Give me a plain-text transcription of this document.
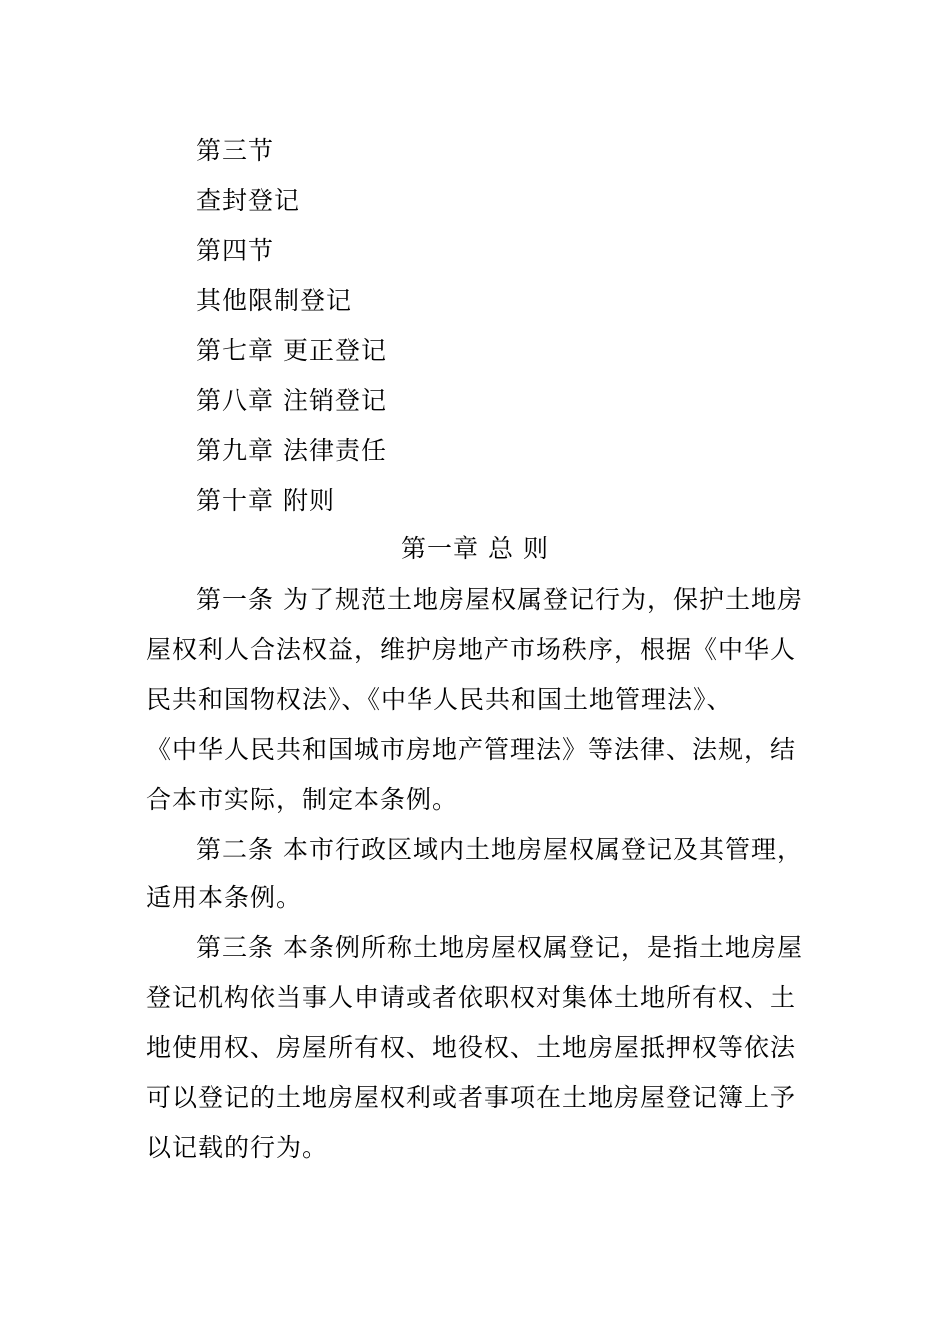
第三节
查封登记
第四节
其他限制登记
第七章 更正登记
第八章 注销登记
第九章 法律责任
第十章 附则
第一章 总 则
第一条 为了规范土地房屋权属登记行为，保护土地房
屋权利人合法权益，维护房地产市场秩序，根据《中华人
民共和国物权法》、《中华人民共和国土地管理法》、
《中华人民共和国城市房地产管理法》等法律、法规，结
合本市实际，制定本条例。
第二条 本市行政区域内土地房屋权属登记及其管理，
适用本条例。
第三条 本条例所称土地房屋权属登记，是指土地房屋
登记机构依当事人申请或者依职权对集体土地所有权、土
地使用权、房屋所有权、地役权、土地房屋抵押权等依法
可以登记的土地房屋权利或者事项在土地房屋登记簿上予
以记载的行为。
